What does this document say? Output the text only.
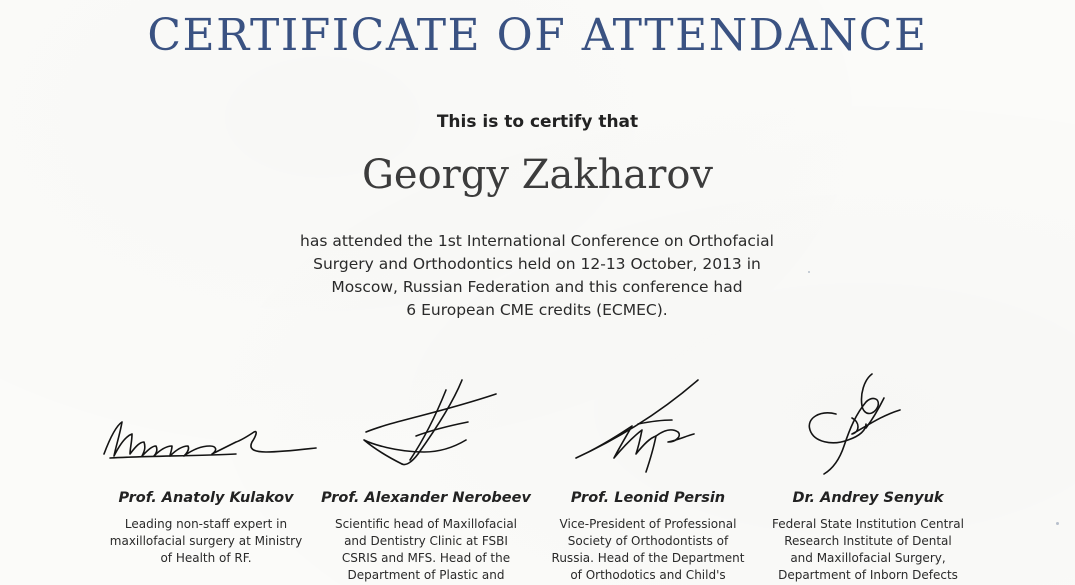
CERTIFICATE OF ATTENDANCE
This is to certify that
Georgy Zakharov
has attended the 1st International Conference on Orthofacial
Surgery and Orthodontics held on 12-13 October, 2013 in
Moscow, Russian Federation and this conference had
6 European CME credits (ECMEC).
Prof. Anatoly Kulakov
Leading non-staff expert in
maxillofacial surgery at Ministry
of Health of RF.
Prof. Alexander Nerobeev
Scientific head of Maxillofacial
and Dentistry Clinic at FSBI
CSRIS and MFS. Head of the
Department of Plastic and
Prof. Leonid Persin
Vice-President of Professional
Society of Orthodontists of
Russia. Head of the Department
of Orthodotics and Child's
Dr. Andrey Senyuk
Federal State Institution Central
Research Institute of Dental
and Maxillofacial Surgery,
Department of Inborn Defects
